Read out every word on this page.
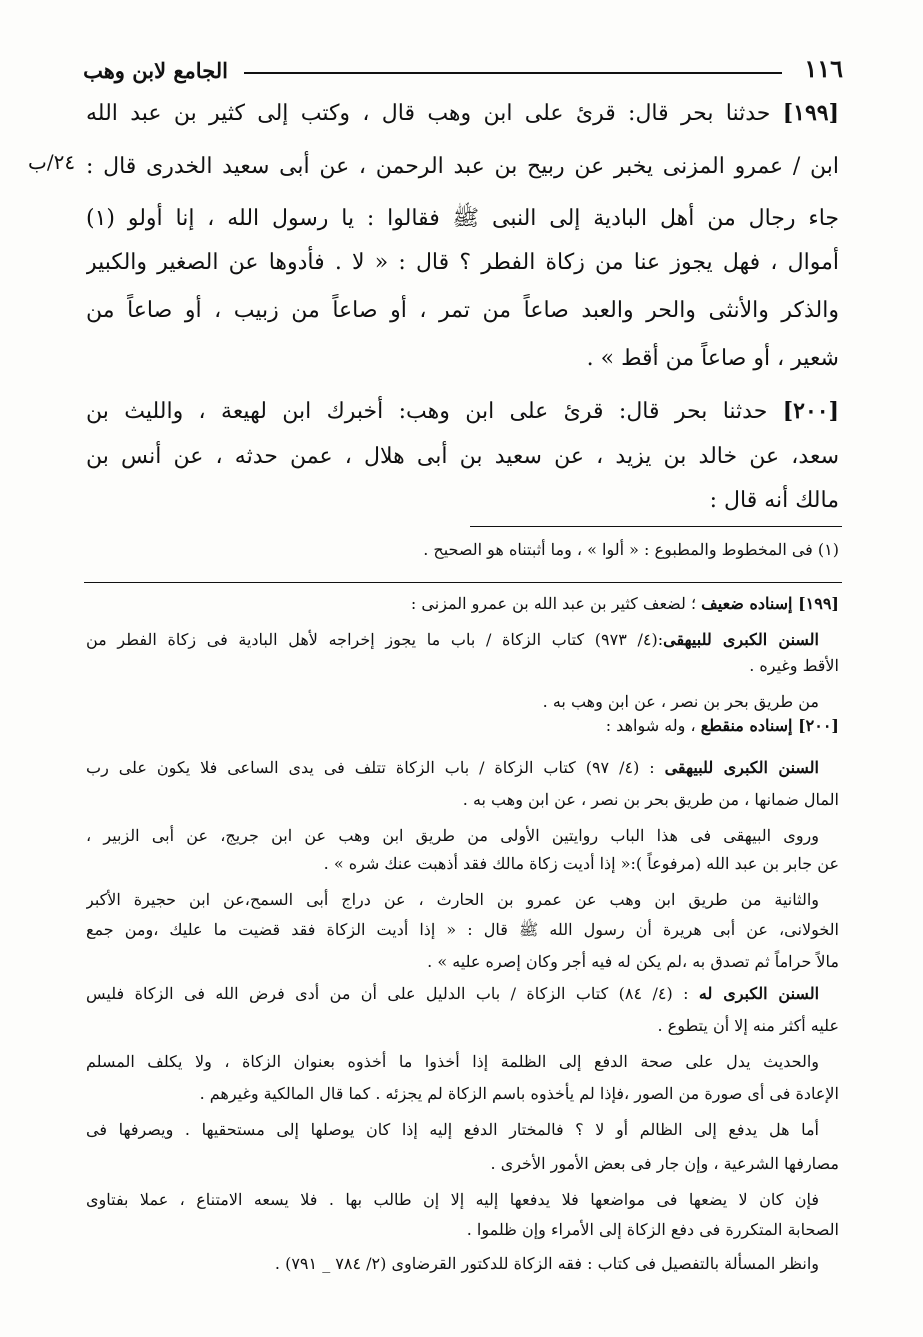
الجامع لابن وهب	١١٦
٢٤/ب
[١٩٩] حدثنا بحر قال: قرئ على ابن وهب قال ، وكتب إلى كثير بن عبد الله
ابن / عمرو المزنى يخبر عن ربيح بن عبد الرحمن ، عن أبى سعيد الخدرى قال :
جاء رجال من أهل البادية إلى النبى ﷺ فقالوا : يا رسول الله ، إنا أولو (١)
أموال ، فهل يجوز عنا من زكاة الفطر ؟ قال : « لا . فأدوها عن الصغير والكبير
والذكر والأنثى والحر والعبد صاعاً من تمر ، أو صاعاً من زبيب ، أو صاعاً من
شعير ، أو صاعاً من أقط » .
[٢٠٠] حدثنا بحر قال: قرئ على ابن وهب: أخبرك ابن لهيعة ، والليث بن
سعد، عن خالد بن يزيد ، عن سعيد بن أبى هلال ، عمن حدثه ، عن أنس بن
مالك أنه قال :
(١) فى المخطوط والمطبوع : « ألوا » ، وما أثبتناه هو الصحيح .
[١٩٩] إسناده ضعيف ؛ لضعف كثير بن عبد الله بن عمرو المزنى :
السنن الكبرى للبيهقى:(٤/ ٩٧٣) كتاب الزكاة / باب ما يجوز إخراجه لأهل البادية فى زكاة الفطر من
الأقط وغيره .
من طريق بحر بن نصر ، عن ابن وهب به .
[٢٠٠] إسناده منقطع ، وله شواهد :
السنن الكبرى للبيهقى : (٤/ ٩٧) كتاب الزكاة / باب الزكاة تتلف فى يدى الساعى فلا يكون على رب
المال ضمانها ، من طريق بحر بن نصر ، عن ابن وهب به .
وروى البيهقى فى هذا الباب روايتين الأولى من طريق ابن وهب عن ابن جريج، عن أبى الزبير ،
عن جابر بن عبد الله (مرفوعاً ):« إذا أديت زكاة مالك فقد أذهبت عنك شره » .
والثانية من طريق ابن وهب عن عمرو بن الحارث ، عن دراج أبى السمح،عن ابن حجيرة الأكبر
الخولانى، عن أبى هريرة أن رسول الله ﷺ قال : « إذا أديت الزكاة فقد قضيت ما عليك ،ومن جمع
مالاً حراماً ثم تصدق به ،لم يكن له فيه أجر وكان إصره عليه » .
السنن الكبرى له : (٤/ ٨٤) كتاب الزكاة / باب الدليل على أن من أدى فرض الله فى الزكاة فليس
عليه أكثر منه إلا أن يتطوع .
والحديث يدل على صحة الدفع إلى الظلمة إذا أخذوا ما أخذوه بعنوان الزكاة ، ولا يكلف المسلم
الإعادة فى أى صورة من الصور ،فإذا لم يأخذوه باسم الزكاة لم يجزئه . كما قال المالكية وغيرهم .
أما هل يدفع إلى الظالم أو لا ؟ فالمختار الدفع إليه إذا كان يوصلها إلى مستحقيها . ويصرفها فى
مصارفها الشرعية ، وإن جار فى بعض الأمور الأخرى .
فإن كان لا يضعها فى مواضعها فلا يدفعها إليه إلا إن طالب بها . فلا يسعه الامتناع ، عملا بفتاوى
الصحابة المتكررة فى دفع الزكاة إلى الأمراء وإن ظلموا .
وانظر المسألة بالتفصيل فى كتاب : فقه الزكاة للدكتور القرضاوى (٢/ ٧٨٤ _ ٧٩١) .
